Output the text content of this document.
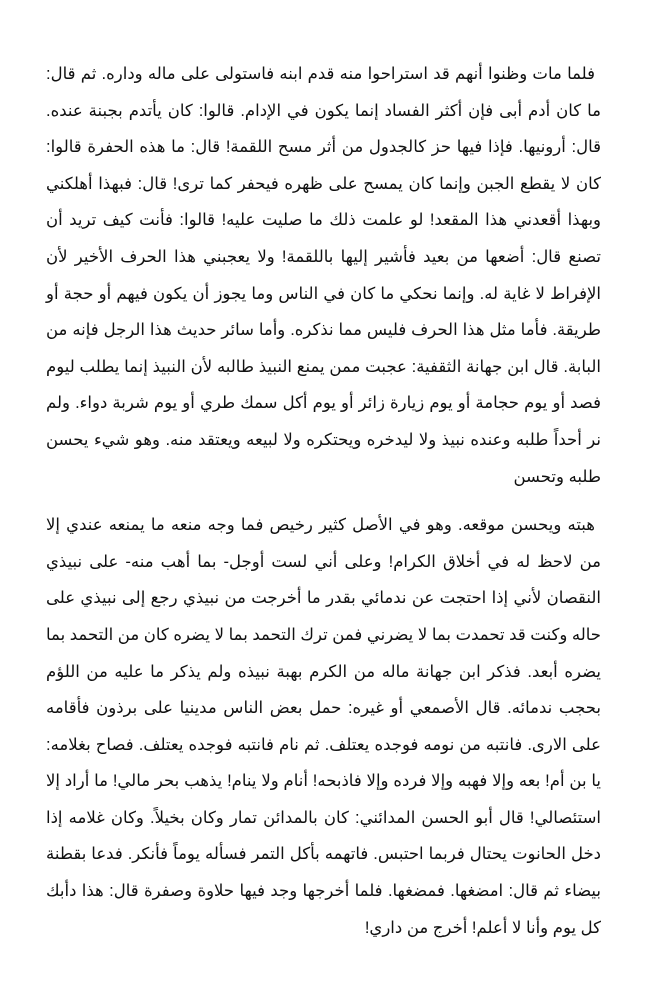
فلما مات وظنوا أنهم قد استراحوا منه قدم ابنه فاستولى على ماله وداره. ثم قال: ما كان أدم أبى فإن أكثر الفساد إنما يكون في الإدام. قالوا: كان يأتدم بجبنة عنده. قال: أرونيها. فإذا فيها حز كالجدول من أثر مسح اللقمة! قال: ما هذه الحفرة قالوا: كان لا يقطع الجبن وإنما كان يمسح على ظهره فيحفر كما ترى! قال: فبهذا أهلكني وبهذا أقعدني هذا المقعد! لو علمت ذلك ما صليت عليه! قالوا: فأنت كيف تريد أن تصنع قال: أضعها من بعيد فأشير إليها باللقمة! ولا يعجبني هذا الحرف الأخير لأن الإفراط لا غاية له. وإنما نحكي ما كان في الناس وما يجوز أن يكون فيهم أو حجة أو طريقة. فأما مثل هذا الحرف فليس مما نذكره. وأما سائر حديث هذا الرجل فإنه من البابة. قال ابن جهانة الثقفية: عجبت ممن يمنع النبيذ طالبه لأن النبيذ إنما يطلب ليوم فصد أو يوم حجامة أو يوم زيارة زائر أو يوم أكل سمك طري أو يوم شربة دواء. ولم نر أحداً طلبه وعنده نبيذ ولا ليدخره ويحتكره ولا لبيعه ويعتقد منه. وهو شيء يحسن طلبه وتحسن

هبته ويحسن موقعه. وهو في الأصل كثير رخيص فما وجه منعه ما يمنعه عندي إلا من لاحظ له في أخلاق الكرام! وعلى أني لست أوجل- بما أهب منه- على نبيذي النقصان لأني إذا احتجت عن ندمائي بقدر ما أخرجت من نبيذي رجع إلى نبيذي على حاله وكنت قد تحمدت بما لا يضرني فمن ترك التحمد بما لا يضره كان من التحمد بما يضره أبعد. فذكر ابن جهانة ماله من الكرم بهبة نبيذه ولم يذكر ما عليه من اللؤم بحجب ندمائه. قال الأصمعي أو غيره: حمل بعض الناس مدينيا على برذون فأقامه على الارى. فانتبه من نومه فوجده يعتلف. ثم نام فانتبه فوجده يعتلف. فصاح بغلامه: يا بن أم! بعه وإلا فهبه وإلا فرده وإلا فاذبحه! أنام ولا ينام! يذهب بحر مالي! ما أراد إلا استئصالي! قال أبو الحسن المدائني: كان بالمدائن تمار وكان بخيلاً. وكان غلامه إذا دخل الحانوت يحتال فربما احتبس. فاتهمه بأكل التمر فسأله يوماً فأنكر. فدعا بقطنة بيضاء ثم قال: امضغها. فمضغها. فلما أخرجها وجد فيها حلاوة وصفرة قال: هذا دأبك كل يوم وأنا لا أعلم! أخرج من داري!
